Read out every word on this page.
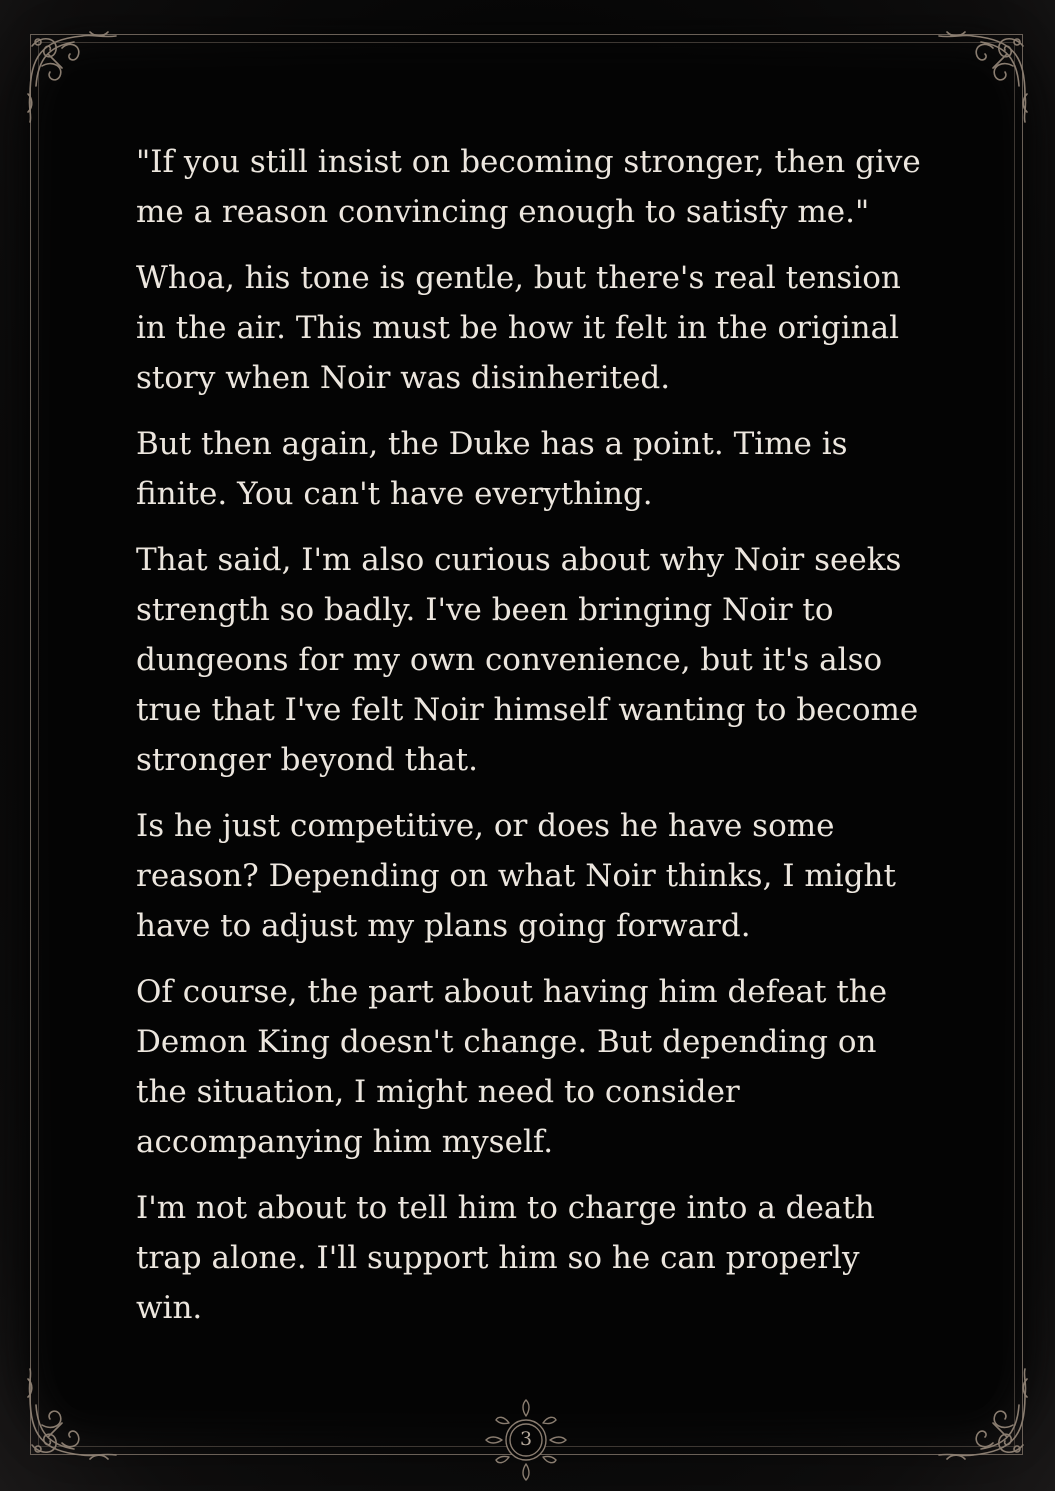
"If you still insist on becoming stronger, then give me a reason convincing enough to satisfy me."

Whoa, his tone is gentle, but there's real tension in the air. This must be how it felt in the original story when Noir was disinherited.

But then again, the Duke has a point. Time is finite. You can't have everything.

That said, I'm also curious about why Noir seeks strength so badly. I've been bringing Noir to dungeons for my own convenience, but it's also true that I've felt Noir himself wanting to become stronger beyond that.

Is he just competitive, or does he have some reason? Depending on what Noir thinks, I might have to adjust my plans going forward.

Of course, the part about having him defeat the Demon King doesn't change. But depending on the situation, I might need to consider accompanying him myself.

I'm not about to tell him to charge into a death trap alone. I'll support him so he can properly win.

3
